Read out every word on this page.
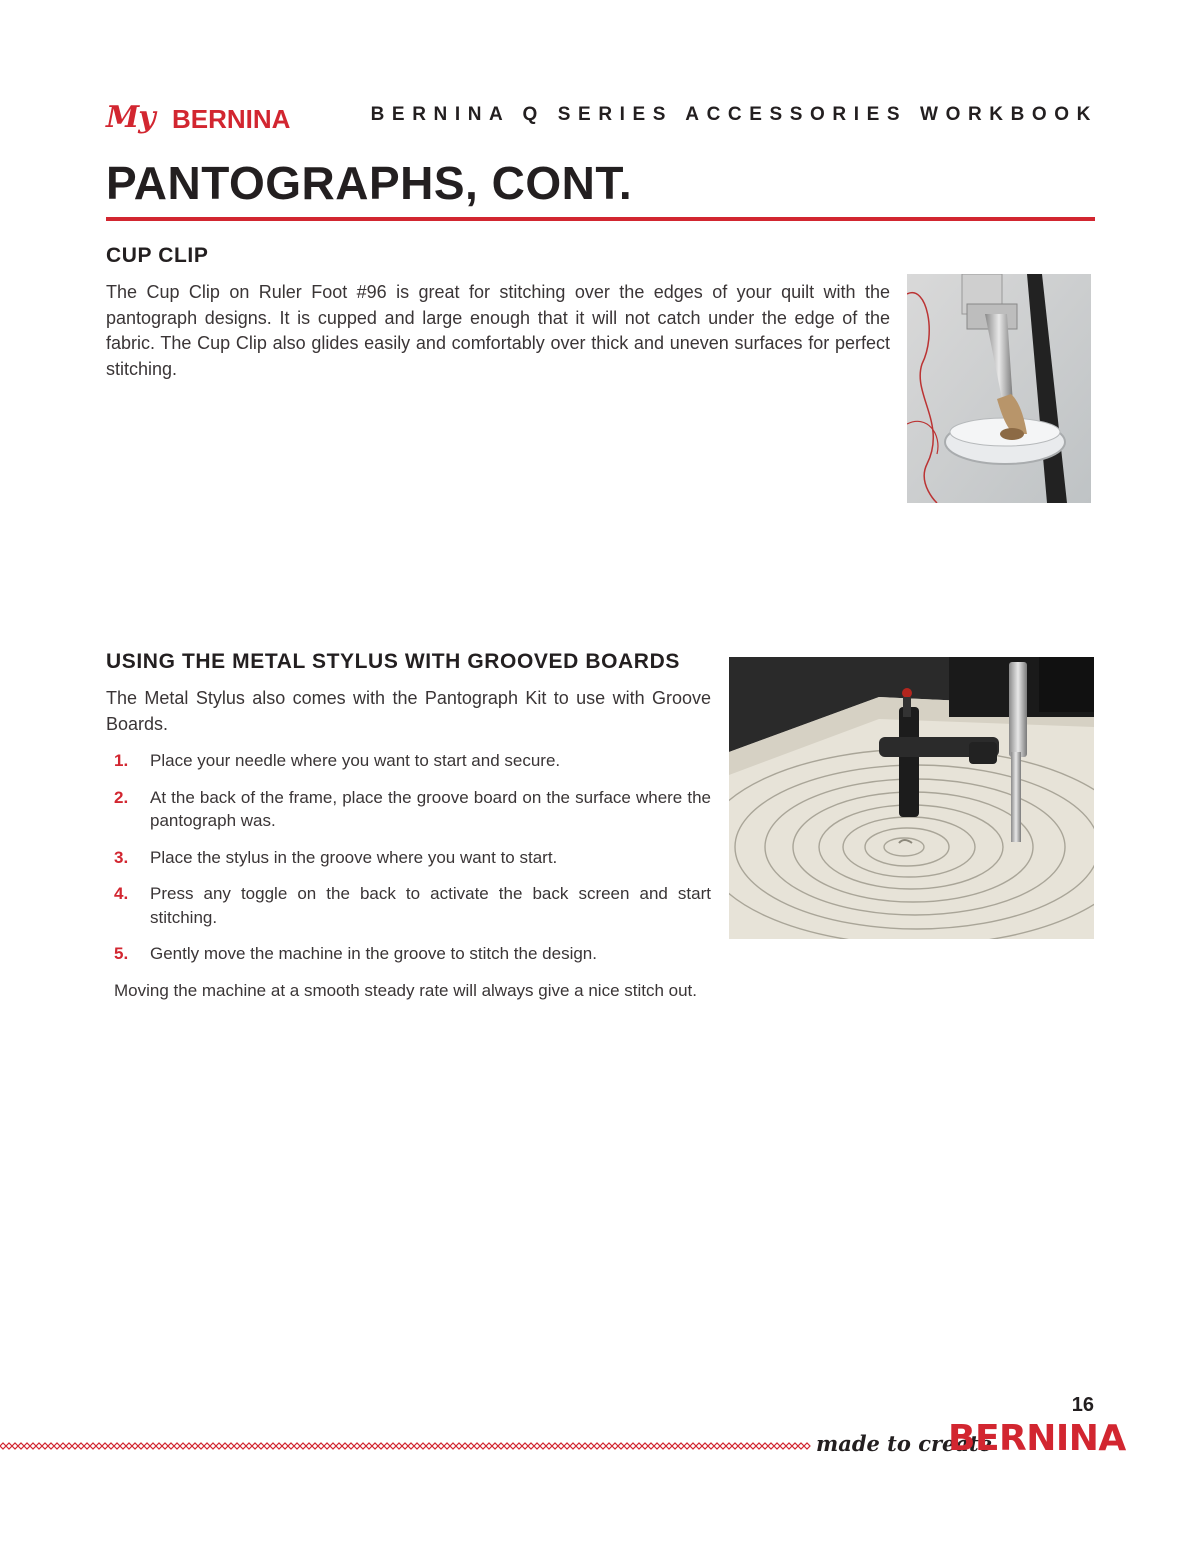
My BERNINA	BERNINA Q SERIES ACCESSORIES WORKBOOK
PANTOGRAPHS, CONT.
CUP CLIP

The Cup Clip on Ruler Foot #96 is great for stitching over the edges of your quilt with the pantograph designs. It is cupped and large enough that it will not catch under the edge of the fabric. The Cup Clip also glides easily and comfortably over thick and uneven surfaces for perfect stitching.

USING THE METAL STYLUS WITH GROOVED BOARDS

The Metal Stylus also comes with the Pantograph Kit to use with Groove Boards.

1.	Place your needle where you want to start and secure.
2.	At the back of the frame, place the groove board on the surface where the pantograph was.
3.	Place the stylus in the groove where you want to start.
4.	Press any toggle on the back to activate the back screen and start stitching.
5.	Gently move the machine in the groove to stitch the design.
Moving the machine at a smooth steady rate will always give a nice stitch out.
16
made to create
BERNINA
